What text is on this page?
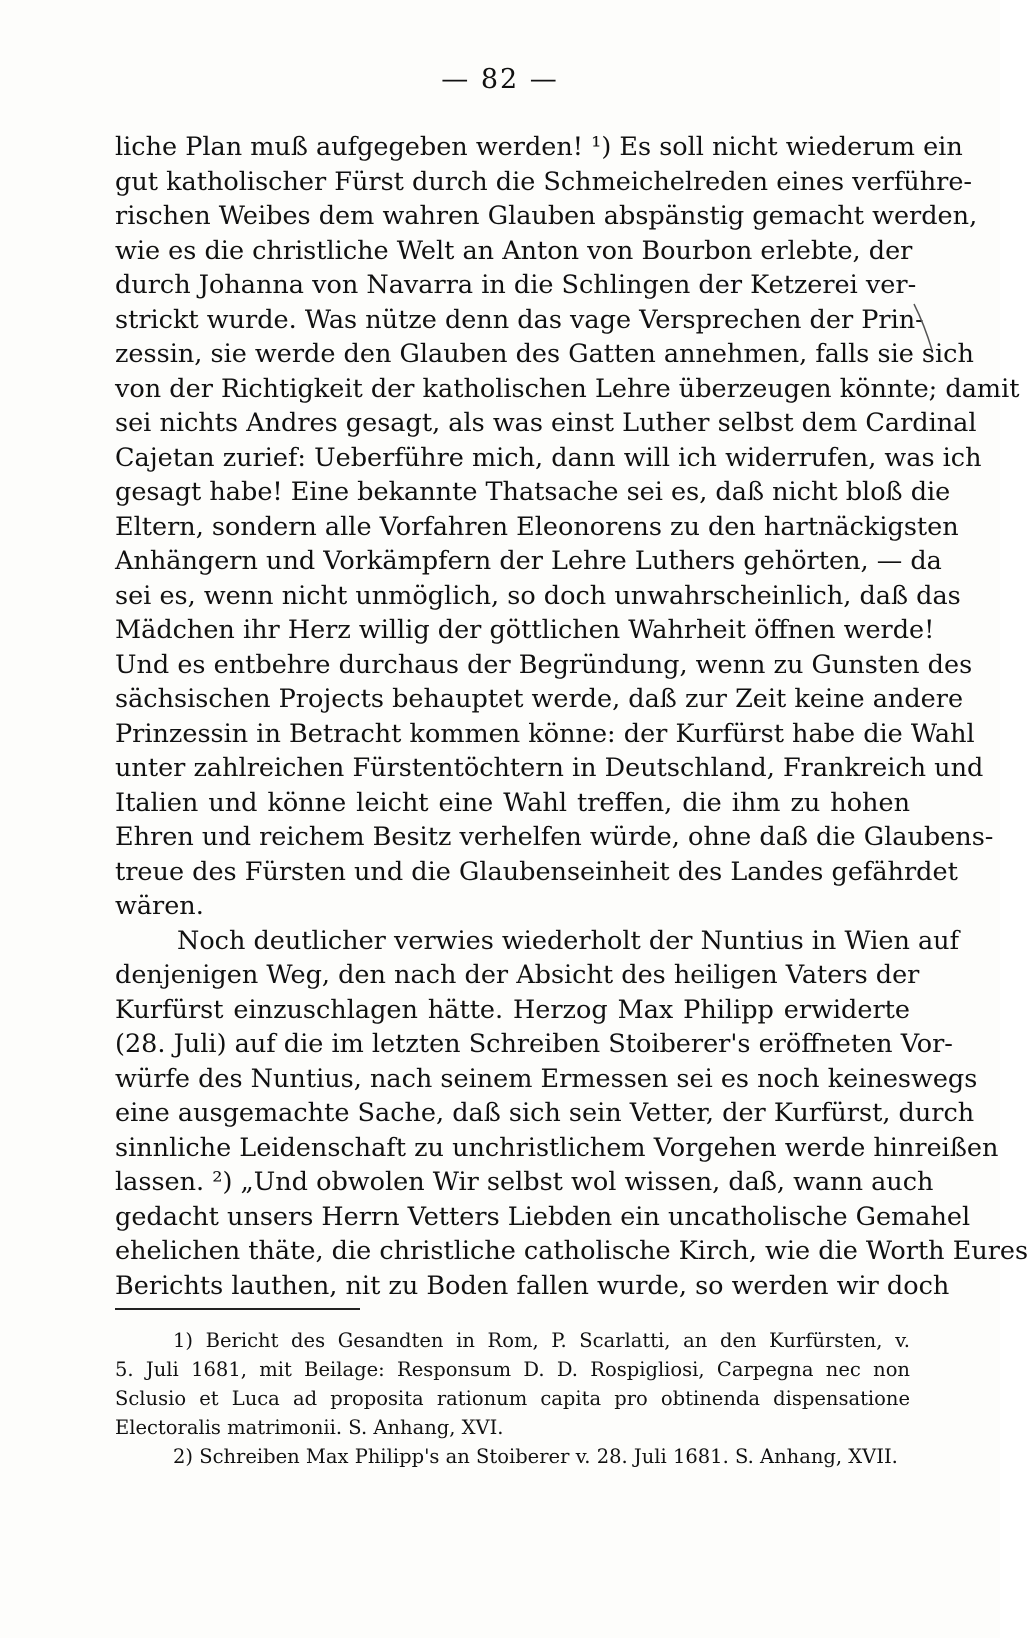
— 82 —
liche Plan muß aufgegeben werden! ¹) Es soll nicht wiederum ein
gut katholischer Fürst durch die Schmeichelreden eines verführe-
rischen Weibes dem wahren Glauben abspänstig gemacht werden,
wie es die christliche Welt an Anton von Bourbon erlebte, der
durch Johanna von Navarra in die Schlingen der Ketzerei ver-
strickt wurde. Was nütze denn das vage Versprechen der Prin-
zessin, sie werde den Glauben des Gatten annehmen, falls sie sich
von der Richtigkeit der katholischen Lehre überzeugen könnte; damit
sei nichts Andres gesagt, als was einst Luther selbst dem Cardinal
Cajetan zurief: Ueberführe mich, dann will ich widerrufen, was ich
gesagt habe! Eine bekannte Thatsache sei es, daß nicht bloß die
Eltern, sondern alle Vorfahren Eleonorens zu den hartnäckigsten
Anhängern und Vorkämpfern der Lehre Luthers gehörten, — da
sei es, wenn nicht unmöglich, so doch unwahrscheinlich, daß das
Mädchen ihr Herz willig der göttlichen Wahrheit öffnen werde!
Und es entbehre durchaus der Begründung, wenn zu Gunsten des
sächsischen Projects behauptet werde, daß zur Zeit keine andere
Prinzessin in Betracht kommen könne: der Kurfürst habe die Wahl
unter zahlreichen Fürstentöchtern in Deutschland, Frankreich und
Italien und könne leicht eine Wahl treffen, die ihm zu hohen
Ehren und reichem Besitz verhelfen würde, ohne daß die Glaubens-
treue des Fürsten und die Glaubenseinheit des Landes gefährdet
wären.
Noch deutlicher verwies wiederholt der Nuntius in Wien auf
denjenigen Weg, den nach der Absicht des heiligen Vaters der
Kurfürst einzuschlagen hätte. Herzog Max Philipp erwiderte
(28. Juli) auf die im letzten Schreiben Stoiberer's eröffneten Vor-
würfe des Nuntius, nach seinem Ermessen sei es noch keineswegs
eine ausgemachte Sache, daß sich sein Vetter, der Kurfürst, durch
sinnliche Leidenschaft zu unchristlichem Vorgehen werde hinreißen
lassen. ²) „Und obwolen Wir selbst wol wissen, daß, wann auch
gedacht unsers Herrn Vetters Liebden ein uncatholische Gemahel
ehelichen thäte, die christliche catholische Kirch, wie die Worth Eures
Berichts lauthen, nit zu Boden fallen wurde, so werden wir doch
1) Bericht des Gesandten in Rom, P. Scarlatti, an den Kurfürsten, v.
5. Juli 1681, mit Beilage: Responsum D. D. Rospigliosi, Carpegna nec non
Sclusio et Luca ad proposita rationum capita pro obtinenda dispensatione
Electoralis matrimonii. S. Anhang, XVI.
2) Schreiben Max Philipp's an Stoiberer v. 28. Juli 1681. S. Anhang, XVII.
